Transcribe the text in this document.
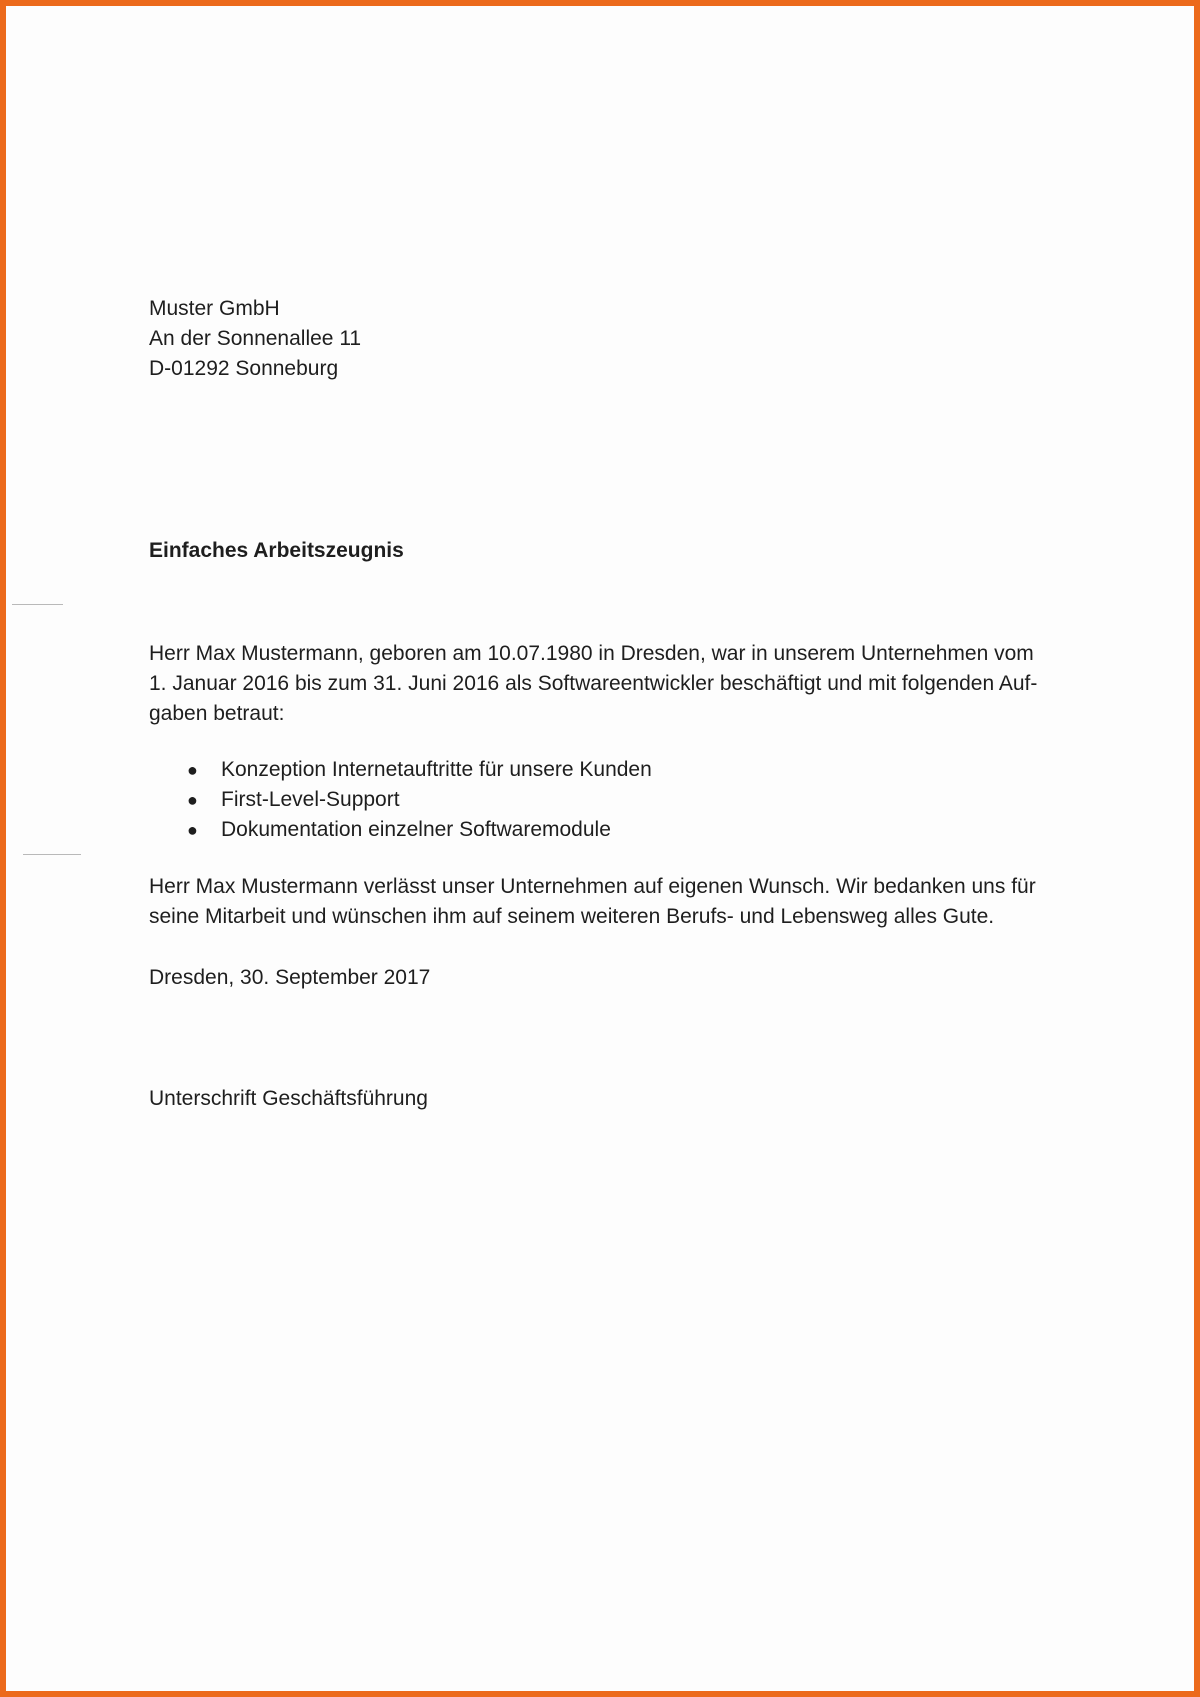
Muster GmbH
An der Sonnenallee 11
D-01292 Sonneburg
Einfaches Arbeitszeugnis
Herr Max Mustermann, geboren am 10.07.1980 in Dresden, war in unserem Unternehmen vom
1. Januar 2016 bis zum 31. Juni 2016 als Softwareentwickler beschäftigt und mit folgenden Auf-
gaben betraut:
● Konzeption Internetauftritte für unsere Kunden
● First-Level-Support
● Dokumentation einzelner Softwaremodule
Herr Max Mustermann verlässt unser Unternehmen auf eigenen Wunsch. Wir bedanken uns für
seine Mitarbeit und wünschen ihm auf seinem weiteren Berufs- und Lebensweg alles Gute.
Dresden, 30. September 2017
Unterschrift Geschäftsführung
